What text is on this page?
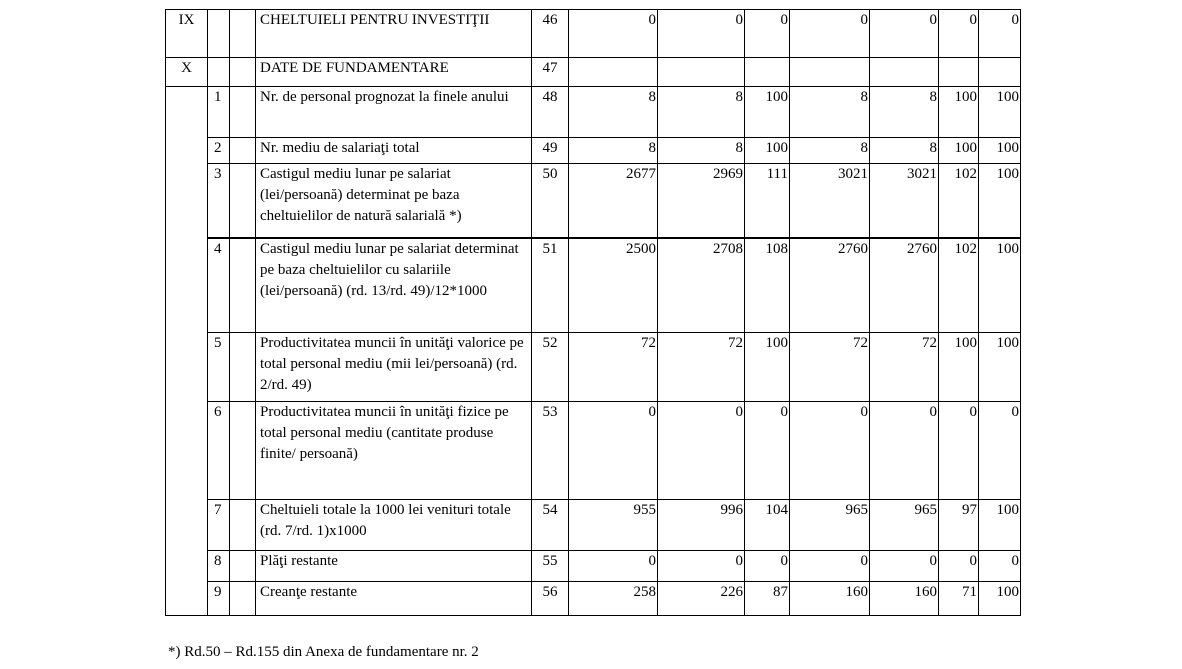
IX			CHELTUIELI PENTRU INVESTIŢII	46	0	0	0	0	0	0	0
X			DATE DE FUNDAMENTARE	47							
	1		Nr. de personal prognozat la finele anului	48	8	8	100	8	8	100	100
	2		Nr. mediu de salariaţi total	49	8	8	100	8	8	100	100
	3		Castigul mediu lunar pe salariat (lei/persoană) determinat pe baza cheltuielilor de natură salarială *)	50	2677	2969	111	3021	3021	102	100
	4		Castigul mediu lunar pe salariat determinat pe baza cheltuielilor cu salariile (lei/persoană) (rd. 13/rd. 49)/12*1000	51	2500	2708	108	2760	2760	102	100
	5		Productivitatea muncii în unităţi valorice pe total personal mediu (mii lei/persoană) (rd. 2/rd. 49)	52	72	72	100	72	72	100	100
	6		Productivitatea muncii în unităţi fizice pe total personal mediu (cantitate produse finite/ persoană)	53	0	0	0	0	0	0	0
	7		Cheltuieli totale la 1000 lei venituri totale (rd. 7/rd. 1)x1000	54	955	996	104	965	965	97	100
	8		Plăţi restante	55	0	0	0	0	0	0	0
	9		Creanţe restante	56	258	226	87	160	160	71	100
*) Rd.50 – Rd.155 din Anexa de fundamentare nr. 2
